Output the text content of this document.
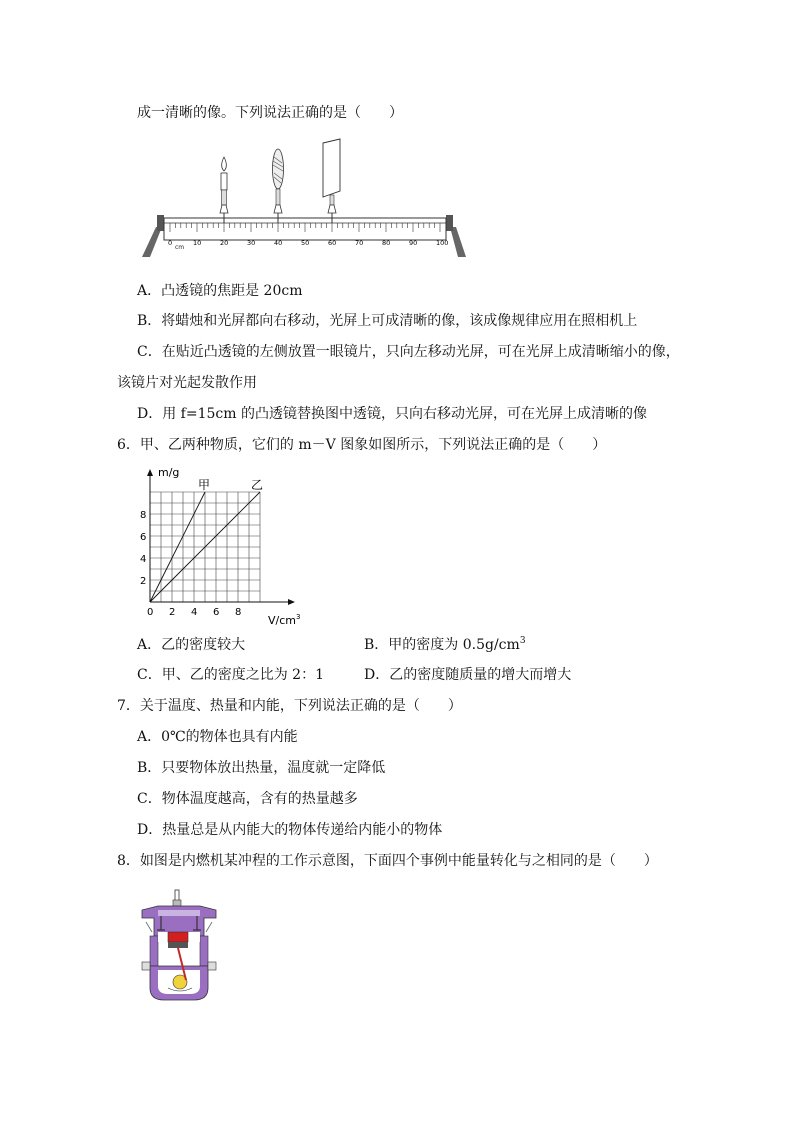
成一清晰的像。下列说法正确的是（　　）
0	10	20	30	40	50	60	70	80	90	100
cm
A．凸透镜的焦距是 20cm
B．将蜡烛和光屏都向右移动，光屏上可成清晰的像，该成像规律应用在照相机上
C．在贴近凸透镜的左侧放置一眼镜片，只向左移动光屏，可在光屏上成清晰缩小的像，
该镜片对光起发散作用
D．用 f=15cm 的凸透镜替换图中透镜，只向右移动光屏，可在光屏上成清晰的像
6．甲、乙两种物质，它们的 m－V 图象如图所示，下列说法正确的是（　　）
m/g
甲	乙
0
2
4
6
8
2 4 6 8
$V/cm^3$
A．乙的密度较大	B．甲的密度为 $0.5g/cm^3$
C．甲、乙的密度之比为 2：1	D．乙的密度随质量的增大而增大
7．关于温度、热量和内能，下列说法正确的是（　　）
A．0℃的物体也具有内能
B．只要物体放出热量，温度就一定降低
C．物体温度越高，含有的热量越多
D．热量总是从内能大的物体传递给内能小的物体
8．如图是内燃机某冲程的工作示意图，下面四个事例中能量转化与之相同的是（　　）
